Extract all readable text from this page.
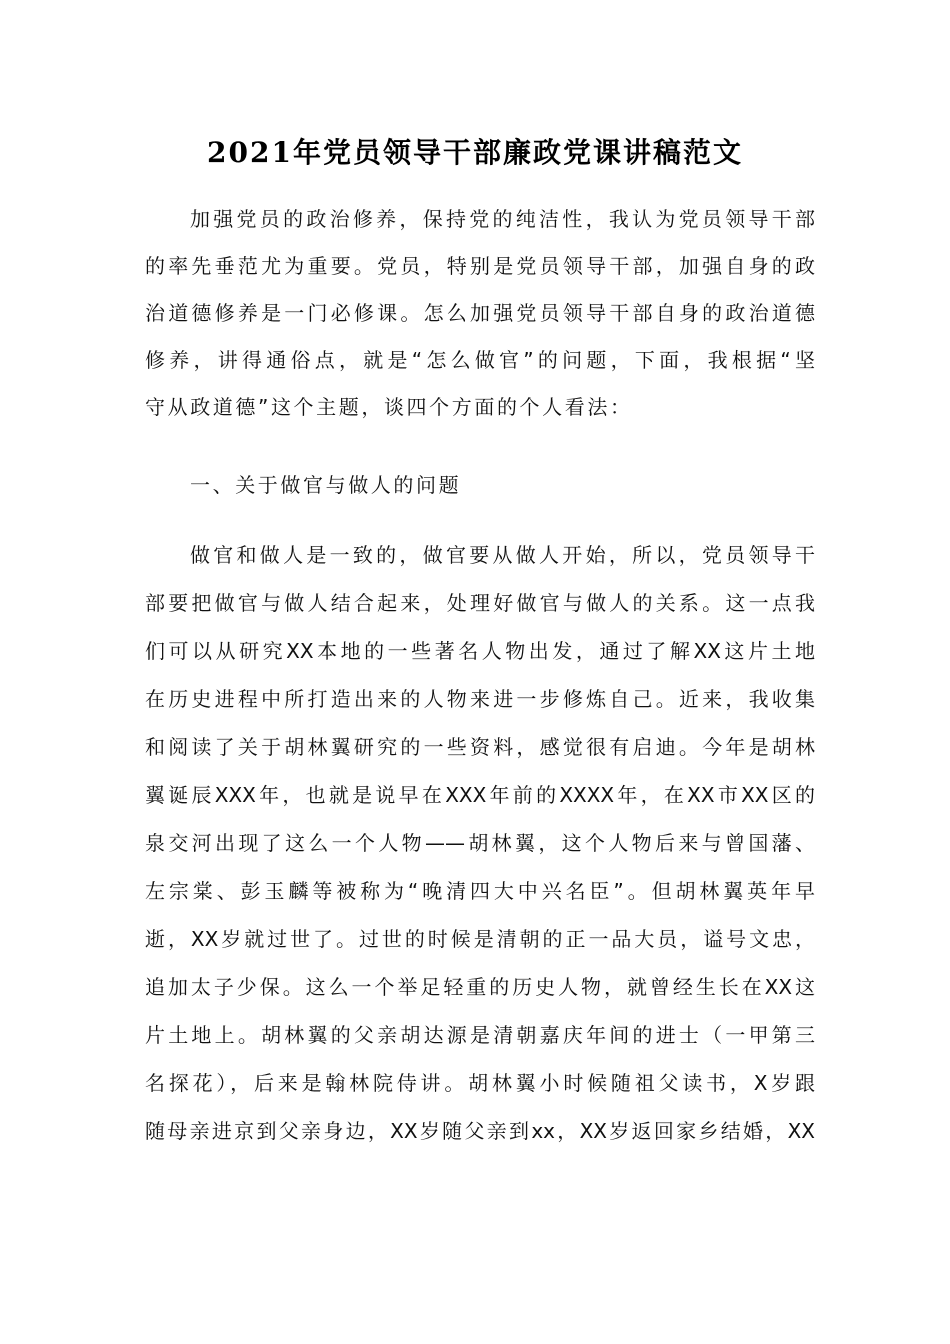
2021年党员领导干部廉政党课讲稿范文
加强党员的政治修养，保持党的纯洁性，我认为党员领导干部
的率先垂范尤为重要。党员，特别是党员领导干部，加强自身的政
治道德修养是一门必修课。怎么加强党员领导干部自身的政治道德
修养，讲得通俗点，就是“怎么做官”的问题，下面，我根据“坚
守从政道德”这个主题，谈四个方面的个人看法：
一、关于做官与做人的问题
做官和做人是一致的，做官要从做人开始，所以，党员领导干
部要把做官与做人结合起来，处理好做官与做人的关系。这一点我
们可以从研究XX本地的一些著名人物出发，通过了解XX这片土地
在历史进程中所打造出来的人物来进一步修炼自己。近来，我收集
和阅读了关于胡林翼研究的一些资料，感觉很有启迪。今年是胡林
翼诞辰XXX年，也就是说早在XXX年前的XXXX年，在XX市XX区的
泉交河出现了这么一个人物——胡林翼，这个人物后来与曾国藩、
左宗棠、彭玉麟等被称为“晚清四大中兴名臣”。但胡林翼英年早
逝，XX岁就过世了。过世的时候是清朝的正一品大员，谥号文忠，
追加太子少保。这么一个举足轻重的历史人物，就曾经生长在XX这
片土地上。胡林翼的父亲胡达源是清朝嘉庆年间的进士（一甲第三
名探花），后来是翰林院侍讲。胡林翼小时候随祖父读书，X岁跟
随母亲进京到父亲身边，XX岁随父亲到xx，XX岁返回家乡结婚，XX
